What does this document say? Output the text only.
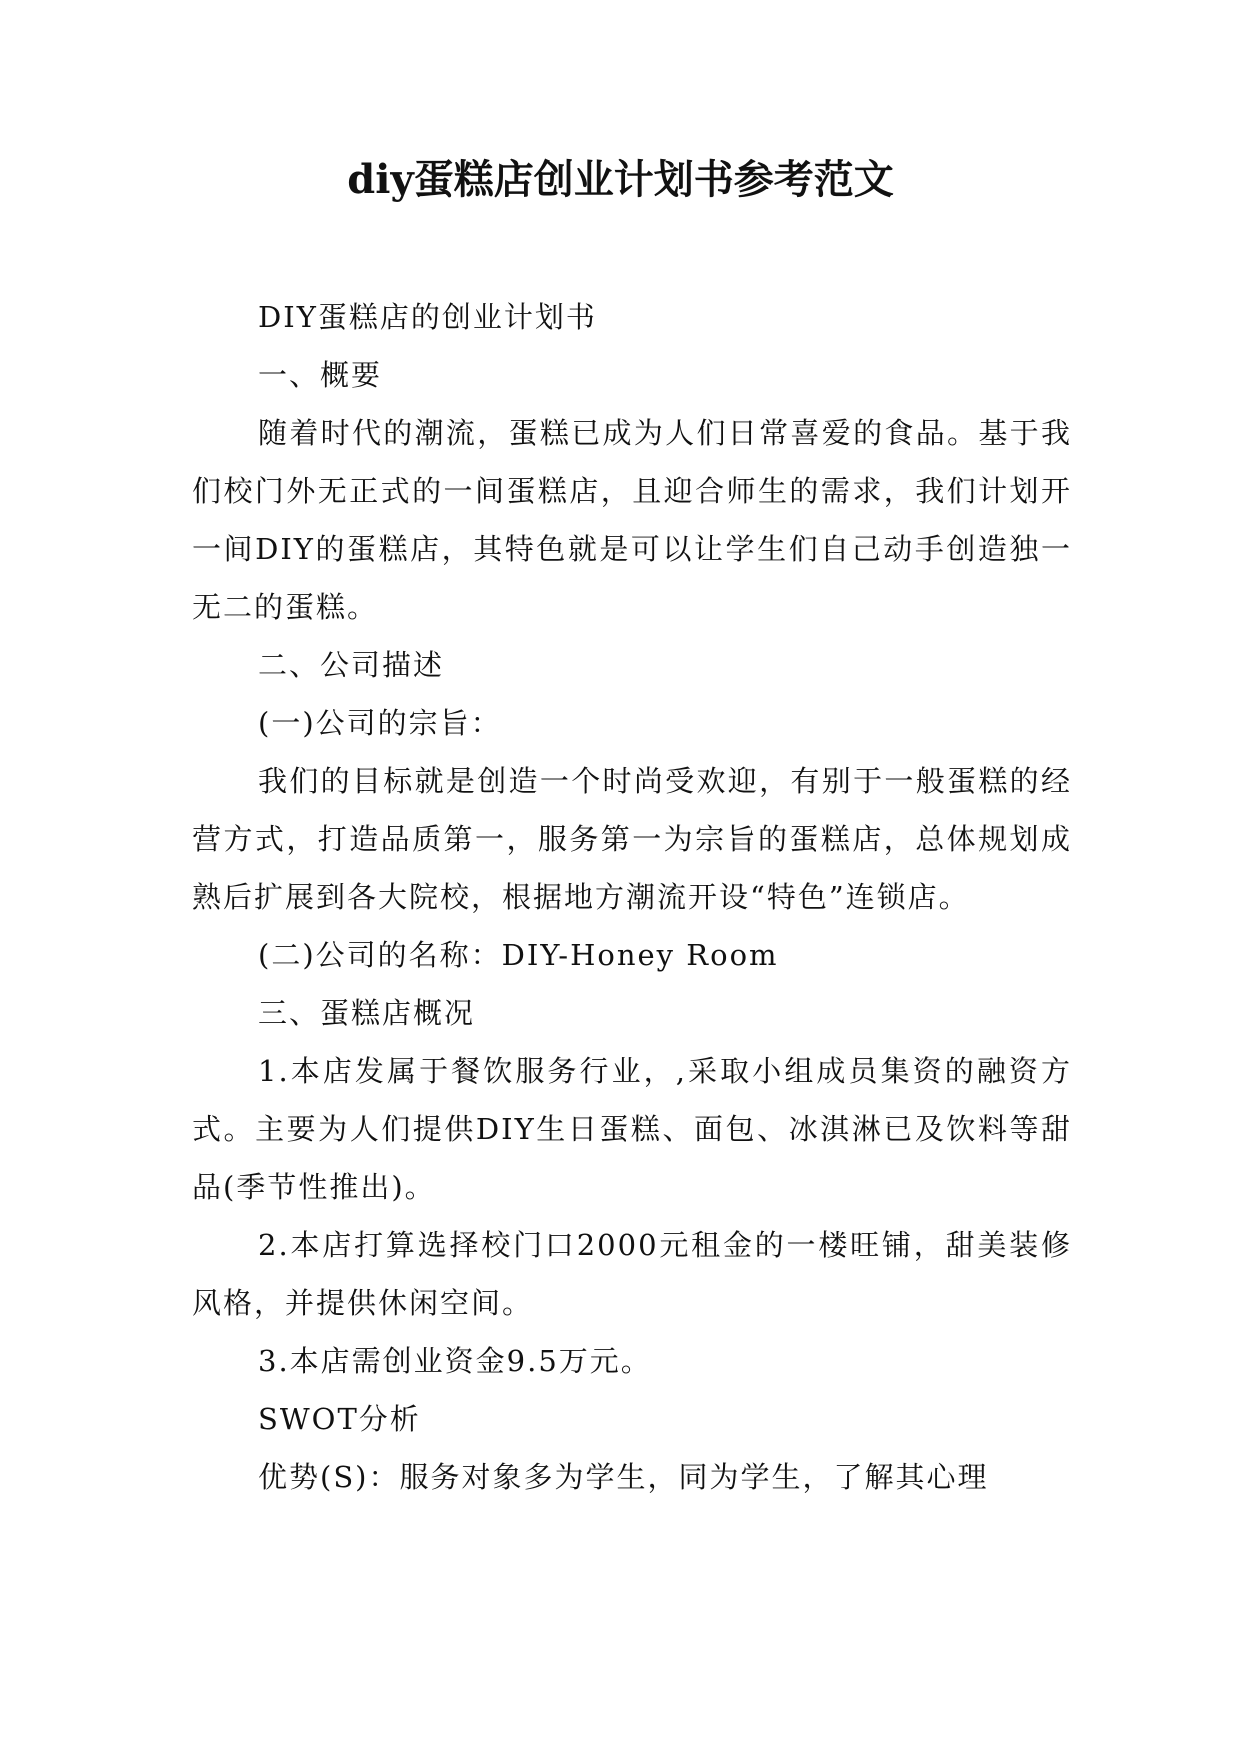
diy蛋糕店创业计划书参考范文

DIY蛋糕店的创业计划书

一、概要

随着时代的潮流，蛋糕已成为人们日常喜爱的食品。基于我们校门外无正式的一间蛋糕店，且迎合师生的需求，我们计划开一间DIY的蛋糕店，其特色就是可以让学生们自己动手创造独一无二的蛋糕。

二、公司描述

(一)公司的宗旨：

我们的目标就是创造一个时尚受欢迎，有别于一般蛋糕的经营方式，打造品质第一，服务第一为宗旨的蛋糕店，总体规划成熟后扩展到各大院校，根据地方潮流开设“特色”连锁店。

(二)公司的名称：DIY-Honey Room

三、蛋糕店概况

1.本店发属于餐饮服务行业，,采取小组成员集资的融资方式。主要为人们提供DIY生日蛋糕、面包、冰淇淋已及饮料等甜品(季节性推出)。

2.本店打算选择校门口2000元租金的一楼旺铺，甜美装修风格，并提供休闲空间。

3.本店需创业资金9.5万元。

SWOT分析

优势(S)：服务对象多为学生，同为学生，了解其心理
